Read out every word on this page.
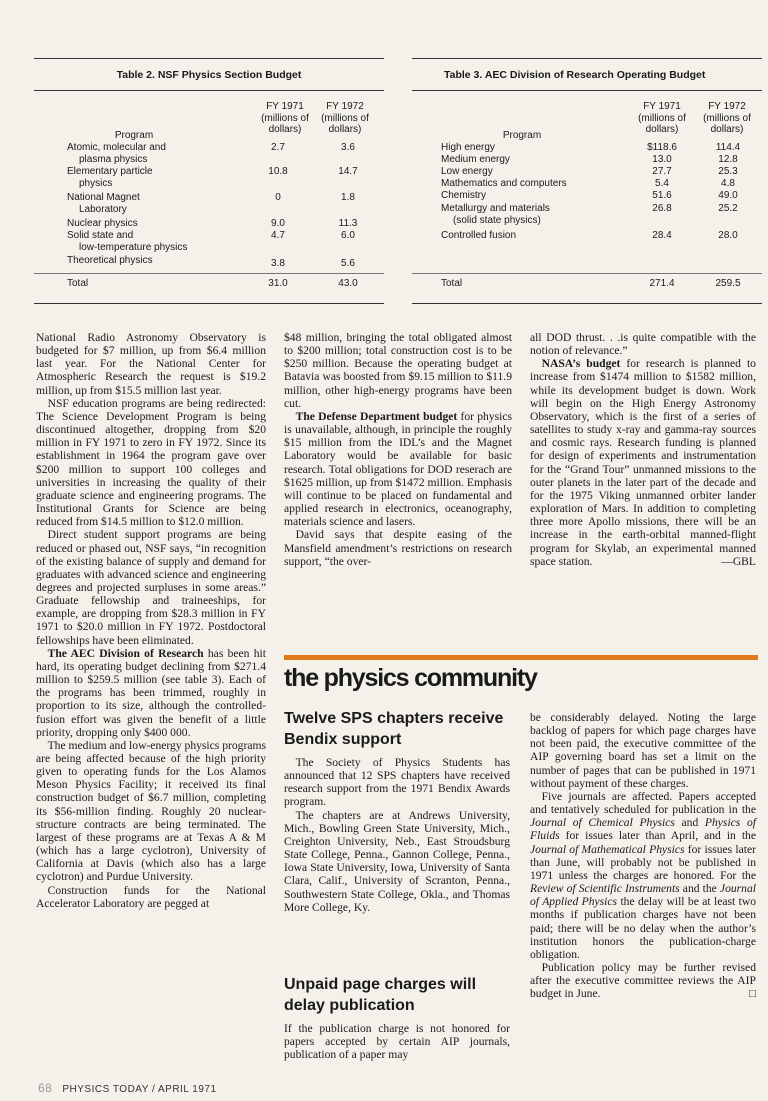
Table 2. NSF Physics Section Budget
FY 1971
(millions of
dollars)
FY 1972
(millions of
dollars)
Program
Atomic, molecular and
plasma physics
2.7	3.6
Elementary particle
physics
10.8	14.7
National Magnet
Laboratory
0	1.8
Nuclear physics	9.0	11.3
Solid state and
low-temperature physics
4.7	6.0
Theoretical physics	3.8	5.6
Total	31.0	43.0
Table 3. AEC Division of Research Operating Budget
FY 1971
(millions of
dollars)
FY 1972
(millions of
dollars)
Program
High energy	$118.6	114.4
Medium energy	13.0	12.8
Low energy	27.7	25.3
Mathematics and computers	5.4	4.8
Chemistry	51.6	49.0
Metallurgy and materials
(solid state physics)
26.8	25.2
Controlled fusion	28.4	28.0
Total	271.4	259.5

National Radio Astronomy Observatory is budgeted for $7 million, up from $6.4 million last year. For the National Center for Atmospheric Research the request is $19.2 million, up from $15.5 million last year.

NSF education programs are being redirected: The Science Development Program is being discontinued altogether, dropping from $20 million in FY 1971 to zero in FY 1972. Since its establishment in 1964 the program gave over $200 million to support 100 colleges and universities in increasing the quality of their graduate science and engineering programs. The Institutional Grants for Science are being reduced from $14.5 million to $12.0 million.

Direct student support programs are being reduced or phased out, NSF says, “in recognition of the existing balance of supply and demand for graduates with advanced science and engineering degrees and projected surpluses in some areas.” Graduate fellowship and traineeships, for example, are dropping from $28.3 million in FY 1971 to $20.0 million in FY 1972. Postdoctoral fellowships have been eliminated.

The AEC Division of Research has been hit hard, its operating budget declining from $271.4 million to $259.5 million (see table 3). Each of the programs has been trimmed, roughly in proportion to its size, although the controlled-fusion effort was given the benefit of a little priority, dropping only $400 000.

The medium and low-energy physics programs are being affected because of the high priority given to operating funds for the Los Alamos Meson Physics Facility; it received its final construction budget of $6.7 million, completing its $56-million finding. Roughly 20 nuclear-structure contracts are being terminated. The largest of these programs are at Texas A & M (which has a large cyclotron), University of California at Davis (which also has a large cyclotron) and Purdue University.

Construction funds for the National Accelerator Laboratory are pegged at

$48 million, bringing the total obligated almost to $200 million; total construction cost is to be $250 million. Because the operating budget at Batavia was boosted from $9.15 million to $11.9 million, other high-energy programs have been cut.

The Defense Department budget for physics is unavailable, although, in principle the roughly $15 million from the IDL’s and the Magnet Laboratory would be available for basic research. Total obligations for DOD reserach are $1625 million, up from $1472 million. Emphasis will continue to be placed on fundamental and applied research in electronics, oceanography, materials science and lasers.

David says that despite easing of the Mansfield amendment’s restrictions on research support, “the over-

all DOD thrust. . .is quite compatible with the notion of relevance.”

NASA’s budget for research is planned to increase from $1474 million to $1582 million, while its development budget is down. Work will begin on the High Energy Astronomy Observatory, which is the first of a series of satellites to study x-ray and gamma-ray sources and cosmic rays. Research funding is planned for design of experiments and instrumentation for the “Grand Tour” unmanned missions to the outer planets in the later part of the decade and for the 1975 Viking unmanned orbiter lander exploration of Mars. In addition to completing three more Apollo missions, there will be an increase in the earth-orbital manned-flight program for Skylab, an experimental manned space station.	—GBL

the physics community
Twelve SPS chapters receive Bendix support

The Society of Physics Students has announced that 12 SPS chapters have received research support from the 1971 Bendix Awards program.

The chapters are at Andrews University, Mich., Bowling Green State University, Mich., Creighton University, Neb., East Stroudsburg State College, Penna., Gannon College, Penna., Iowa State University, Iowa, University of Santa Clara, Calif., University of Scranton, Penna., Southwestern State College, Okla., and Thomas More College, Ky.

Unpaid page charges will delay publication

If the publication charge is not honored for papers accepted by certain AIP journals, publication of a paper may

be considerably delayed. Noting the large backlog of papers for which page charges have not been paid, the executive committee of the AIP governing board has set a limit on the number of pages that can be published in 1971 without payment of these charges.

Five journals are affected. Papers accepted and tentatively scheduled for publication in the Journal of Chemical Physics and Physics of Fluids for issues later than April, and in the Journal of Mathematical Physics for issues later than June, will probably not be published in 1971 unless the charges are honored. For the Review of Scientific Instruments and the Journal of Applied Physics the delay will be at least two months if publication charges have not been paid; there will be no delay when the author’s institution honors the publication-charge obligation.

Publication policy may be further revised after the executive committee reviews the AIP budget in June.	□

68 PHYSICS TODAY / APRIL 1971
